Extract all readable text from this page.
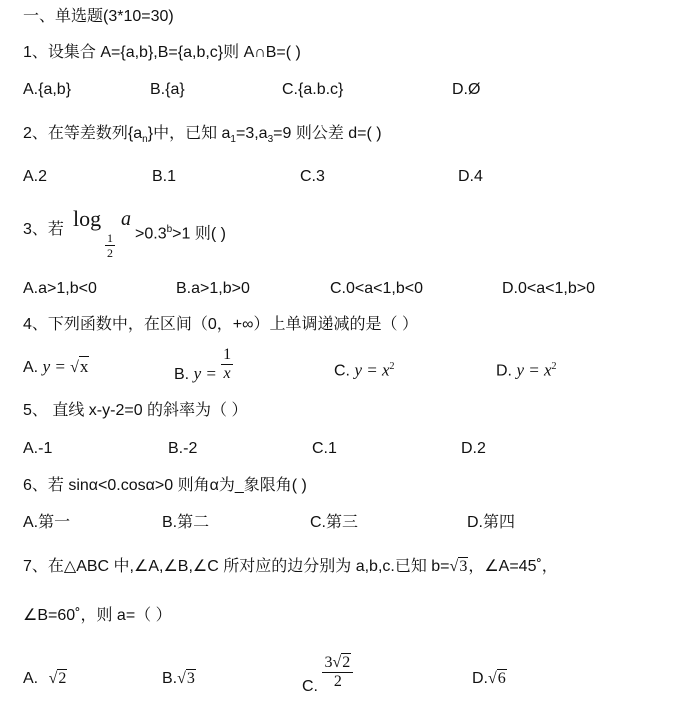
一、单选题(3*10=30)
1、设集合 A={a,b},B={a,b,c}则 A∩B=( )
A.{a,b}	B.{a}	C.{a.b.c}	D.Ø
2、在等差数列$\{a_n\}$中，已知 $a_1=3,a_3=9$ 则公差 d=( )
A.2	B.1	C.3	D.4
3、若 log
$\frac{1}{2}$
a
>0.3$^b$>1 则( )
A.a>1,b<0	B.a>1,b>0	C.0<a<1,b<0	D.0<a<1,b>0
4、下列函数中，在区间（0，+∞）上单调递减的是（ ）
A. y = √x	B. $y = \frac{1}{x}$	C. $y = x^2$	D. $y = x^2$
5、 直线 x-y-2=0 的斜率为（ ）
A.-1	B.-2	C.1	D.2
6、若 sinα<0.cosα>0 则角α为_象限角( )
A.第一	B.第二	C.第三	D.第四
7、在△ABC 中,∠A,∠B,∠C 所对应的边分别为 a,b,c.已知 b=√3，∠A=45˚，
∠B=60˚，则 a=（ ）
A. √2	B.√3	C. $\frac{3√2}{2}$	D.√6
